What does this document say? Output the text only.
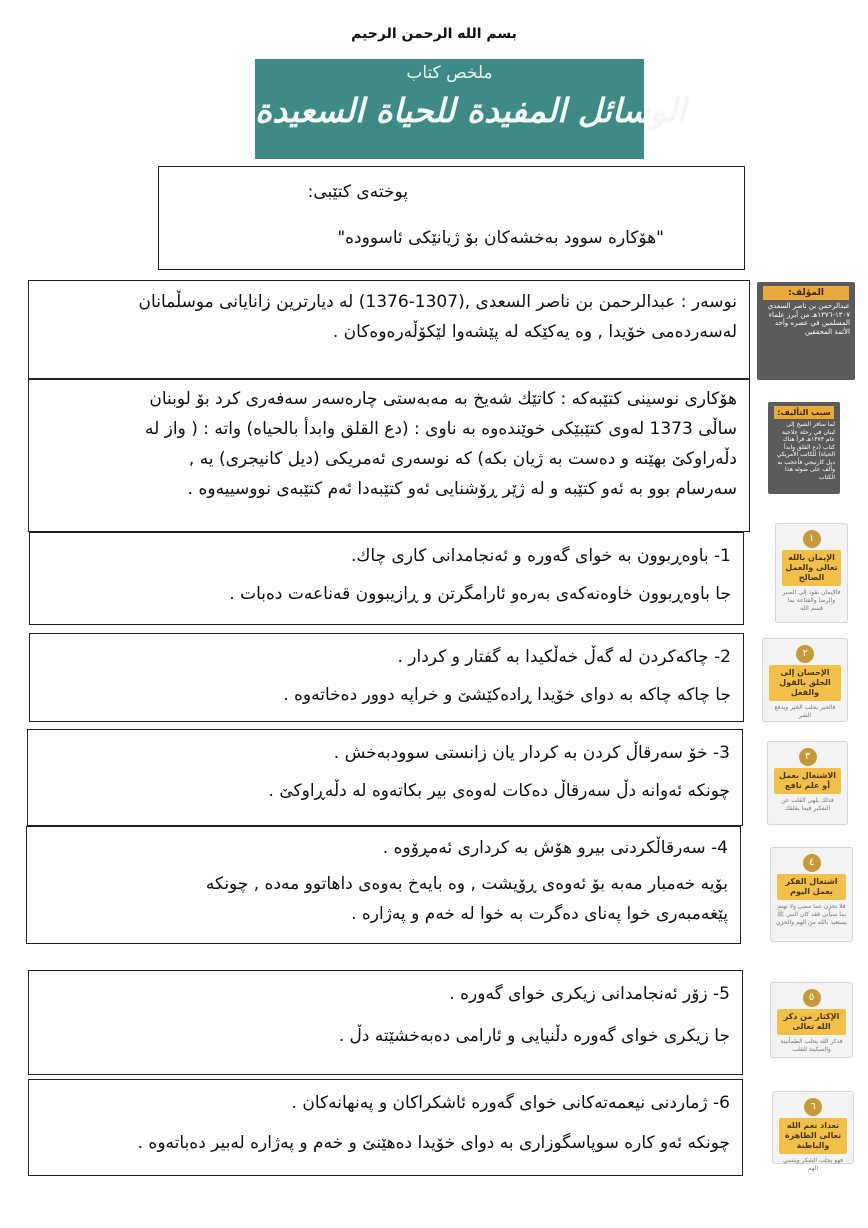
بسم الله الرحمن الرحيم
ملخص كتاب
الوسائل المفيدة للحياة السعيدة
پوختەی کتێبی:
"هۆکارە سوود بەخشەکان بۆ ژیانێکی ئاسوودە"
نوسەر : عبدالرحمن بن ناصر السعدی ,(1307-1376) لە دیارترین زانایانی موسڵمانان
لەسەردەمی خۆیدا , وە یەکێکە لە پێشەوا لێکۆڵەرەوەکان .
هۆکاری نوسینی کتێبەکە : کاتێك شەیخ بە مەبەستی چارەسەر سەفەری کرد بۆ لوبنان
ساڵی 1373 لەوی کتێبێکی خوێندەوە بە ناوی : (دع القلق وابدأ بالحياه) واتە : ( واز لە
دڵەراوکێ بهێنە و دەست بە ژیان بکە) کە نوسەری ئەمریکی (دیل کانیجری) یە ,
سەرسام بوو بە ئەو کتێبە و لە ژێر ڕۆشنایی ئەو کتێبەدا ئەم کتێبەی نووسییەوە .
1- باوەڕبوون بە خوای گەورە و ئەنجامدانی کاری چاك.
جا باوەڕبوون خاوەنەکەی بەرەو ئارامگرتن و ڕازیبوون قەناعەت دەبات .
2- چاکەکردن لە گەڵ خەڵکیدا بە گفتار و کردار .
جا چاکە چاکە بە دوای خۆیدا ڕادەکێشێ و خراپە دوور دەخاتەوە .
3- خۆ سەرقاڵ کردن بە کردار یان زانستی سوودبەخش .
چونکە ئەوانە دڵ سەرقاڵ دەکات لەوەی بیر بکاتەوە لە دڵەڕاوکێ .
4- سەرقاڵکردنی بیرو هۆش بە کرداری ئەمڕۆوە .
بۆیە خەمبار مەبە بۆ ئەوەی ڕۆیشت , وە بایەخ بەوەی داهاتوو مەدە , چونکە
پێغەمبەری خوا پەنای دەگرت بە خوا لە خەم و پەژارە .
5- زۆر ئەنجامدانی زیکری خوای گەورە .
جا زیکری خوای گەورە دڵنیایی و ئارامی دەبەخشێتە دڵ .
6- ژماردنی نیعمەتەکانی خوای گەورە ئاشکراکان و پەنهانەکان .
چونکە ئەو کارە سوپاسگوزاری بە دوای خۆیدا دەهێنێ و خەم و پەژارە لەبیر دەباتەوە .
المؤلف:
عبدالرحمن بن ناصر السعدي ١٣٠٧-١٣٧٦هـ من أبرز علماء المسلمين في عصره وأحد الأئمة المحققين
سبب التأليف:
لما سافر الشيخ إلى لبنان في رحلة علاجية عام ١٣٧٣هـ قرأ هناك كتاب (دع القلق وابدأ الحياة) للكاتب الأمريكي ديل كارنيجي فأعجب به وألف على ضوئه هذا الكتاب
١
الإيمان بالله تعالى والعمل الصالح
فالإيمان يقود إلى الصبر والرضا والقناعة بما قسم الله
٢
الإحسان إلى الخلق بالقول والفعل
فالخير يجلب الخير ويدفع الشر
٣
الاشتغال بعمل أو علم نافع
فذلك يلهي القلب عن التفكير فيما يقلقك
٤
اشتغال الفكر بعمل اليوم
فلا تحزن عما مضى ولا تهتم بما سيأتي فقد كان النبي ﷺ يستعيذ بالله من الهم والحزن
٥
الإكثار من ذكر الله تعالى
فذكر الله يجلب الطمأنينة والسكينة للقلب
٦
تعداد نعم الله تعالى الظاهرة والباطنة
فهو يجلب الشكر وينسي الهم
